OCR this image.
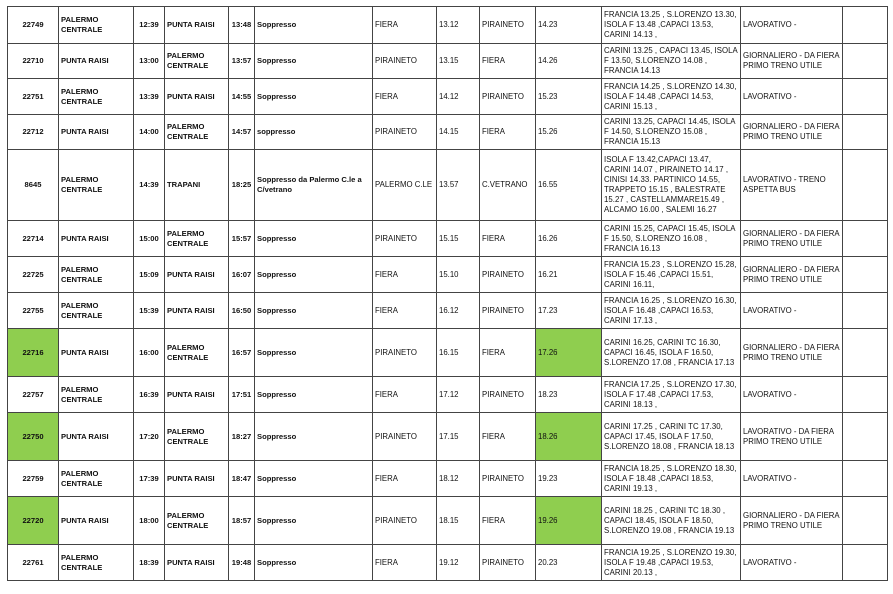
22749	PALERMO CENTRALE	12:39	PUNTA RAISI	13:48	Soppresso	FIERA	13.12	PIRAINETO	14.23	FRANCIA 13.25 , S.LORENZO 13.30, ISOLA F 13.48 ,CAPACI 13.53, CARINI 14.13 ,	LAVORATIVO -	
22710	PUNTA RAISI	13:00	PALERMO CENTRALE	13:57	Soppresso	PIRAINETO	13.15	FIERA	14.26	CARINI 13.25 , CAPACI 13.45, ISOLA F 13.50, S.LORENZO 14.08 , FRANCIA 14.13	GIORNALIERO - DA FIERA PRIMO TRENO UTILE	
22751	PALERMO CENTRALE	13:39	PUNTA RAISI	14:55	Soppresso	FIERA	14.12	PIRAINETO	15.23	FRANCIA 14.25 , S.LORENZO 14.30, ISOLA F 14.48 ,CAPACI 14.53, CARINI 15.13 ,	LAVORATIVO -	
22712	PUNTA RAISI	14:00	PALERMO CENTRALE	14:57	soppresso	PIRAINETO	14.15	FIERA	15.26	CARINI 13.25, CAPACI 14.45, ISOLA F 14.50, S.LORENZO 15.08 , FRANCIA 15.13	GIORNALIERO - DA FIERA PRIMO TRENO UTILE	
8645	PALERMO CENTRALE	14:39	TRAPANI	18:25	Soppresso da Palermo C.le a C/vetrano	PALERMO C.LE	13.57	C.VETRANO	16.55	ISOLA F 13.42,CAPACI 13.47, CARINI 14.07 , PIRAINETO 14.17 , CINISI 14.33. PARTINICO 14.55, TRAPPETO 15.15 , BALESTRATE 15.27 , CASTELLAMMARE15.49 , ALCAMO 16.00 , SALEMI 16.27	LAVORATIVO - TRENO ASPETTA BUS	
22714	PUNTA RAISI	15:00	PALERMO CENTRALE	15:57	Soppresso	PIRAINETO	15.15	FIERA	16.26	CARINI 15.25, CAPACI 15.45, ISOLA F 15.50, S.LORENZO 16.08 , FRANCIA 16.13	GIORNALIERO - DA FIERA PRIMO TRENO UTILE	
22725	PALERMO CENTRALE	15:09	PUNTA RAISI	16:07	Soppresso	FIERA	15.10	PIRAINETO	16.21	FRANCIA 15.23 , S.LORENZO 15.28, ISOLA F 15.46 ,CAPACI 15.51, CARINI 16.11,	GIORNALIERO - DA FIERA PRIMO TRENO UTILE	
22755	PALERMO CENTRALE	15:39	PUNTA RAISI	16:50	Soppresso	FIERA	16.12	PIRAINETO	17.23	FRANCIA 16.25 , S.LORENZO 16.30, ISOLA F 16.48 ,CAPACI 16.53, CARINI 17.13 ,	LAVORATIVO -	
22716	PUNTA RAISI	16:00	PALERMO CENTRALE	16:57	Soppresso	PIRAINETO	16.15	FIERA	17.26	CARINI 16.25, CARINI TC 16.30, CAPACI 16.45, ISOLA F 16.50, S.LORENZO 17.08 , FRANCIA 17.13	GIORNALIERO - DA FIERA PRIMO TRENO UTILE	
22757	PALERMO CENTRALE	16:39	PUNTA RAISI	17:51	Soppresso	FIERA	17.12	PIRAINETO	18.23	FRANCIA 17.25 , S.LORENZO 17.30, ISOLA F 17.48 ,CAPACI 17.53, CARINI 18.13 ,	LAVORATIVO -	
22750	PUNTA RAISI	17:20	PALERMO CENTRALE	18:27	Soppresso	PIRAINETO	17.15	FIERA	18.26	CARINI 17.25 , CARINI TC 17.30, CAPACI 17.45, ISOLA F 17.50, S.LORENZO 18.08 , FRANCIA 18.13	LAVORATIVO - DA FIERA PRIMO TRENO UTILE	
22759	PALERMO CENTRALE	17:39	PUNTA RAISI	18:47	Soppresso	FIERA	18.12	PIRAINETO	19.23	FRANCIA 18.25 , S.LORENZO 18.30, ISOLA F 18.48 ,CAPACI 18.53, CARINI 19.13 ,	LAVORATIVO -	
22720	PUNTA RAISI	18:00	PALERMO CENTRALE	18:57	Soppresso	PIRAINETO	18.15	FIERA	19.26	CARINI 18.25 , CARINI TC 18.30 , CAPACI 18.45, ISOLA F 18.50, S.LORENZO 19.08 , FRANCIA 19.13	GIORNALIERO - DA FIERA PRIMO TRENO UTILE	
22761	PALERMO CENTRALE	18:39	PUNTA RAISI	19:48	Soppresso	FIERA	19.12	PIRAINETO	20.23	FRANCIA 19.25 , S.LORENZO 19.30, ISOLA F 19.48 ,CAPACI 19.53, CARINI 20.13 ,	LAVORATIVO -	
